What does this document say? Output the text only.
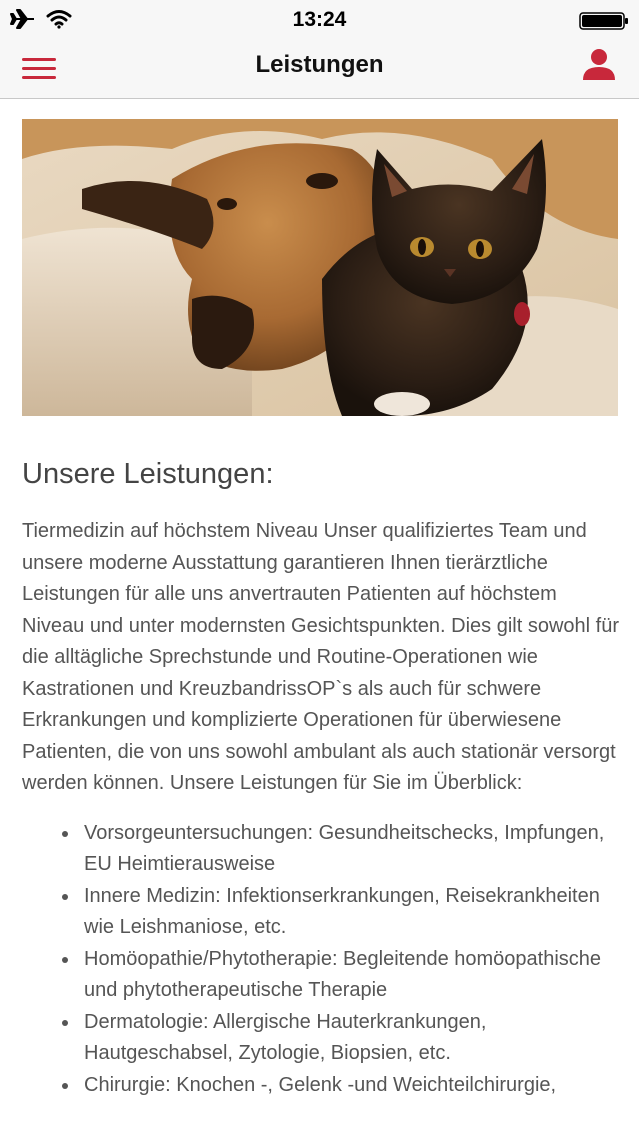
13:24
Leistungen
Unsere Leistungen:

Tiermedizin auf höchstem Niveau Unser qualifiziertes Team und unsere moderne Ausstattung garantieren Ihnen tierärztliche Leistungen für alle uns anvertrauten Patienten auf höchstem Niveau und unter modernsten Gesichtspunkten. Dies gilt sowohl für die alltägliche Sprechstunde und Routine-Operationen wie Kastrationen und KreuzbandrissOP`s als auch für schwere Erkrankungen und komplizierte Operationen für überwiesene Patienten, die von uns sowohl ambulant als auch stationär versorgt werden können. Unsere Leistungen für Sie im Überblick:

Vorsorgeuntersuchungen: Gesundheitschecks, Impfungen, EU Heimtierausweise
Innere Medizin: Infektionserkrankungen, Reisekrankheiten wie Leishmaniose, etc.
Homöopathie/Phytotherapie: Begleitende homöopathische und phytotherapeutische Therapie
Dermatologie: Allergische Hauterkrankungen, Hautgeschabsel, Zytologie, Biopsien, etc.
Chirurgie: Knochen -, Gelenk -und Weichteilchirurgie,
